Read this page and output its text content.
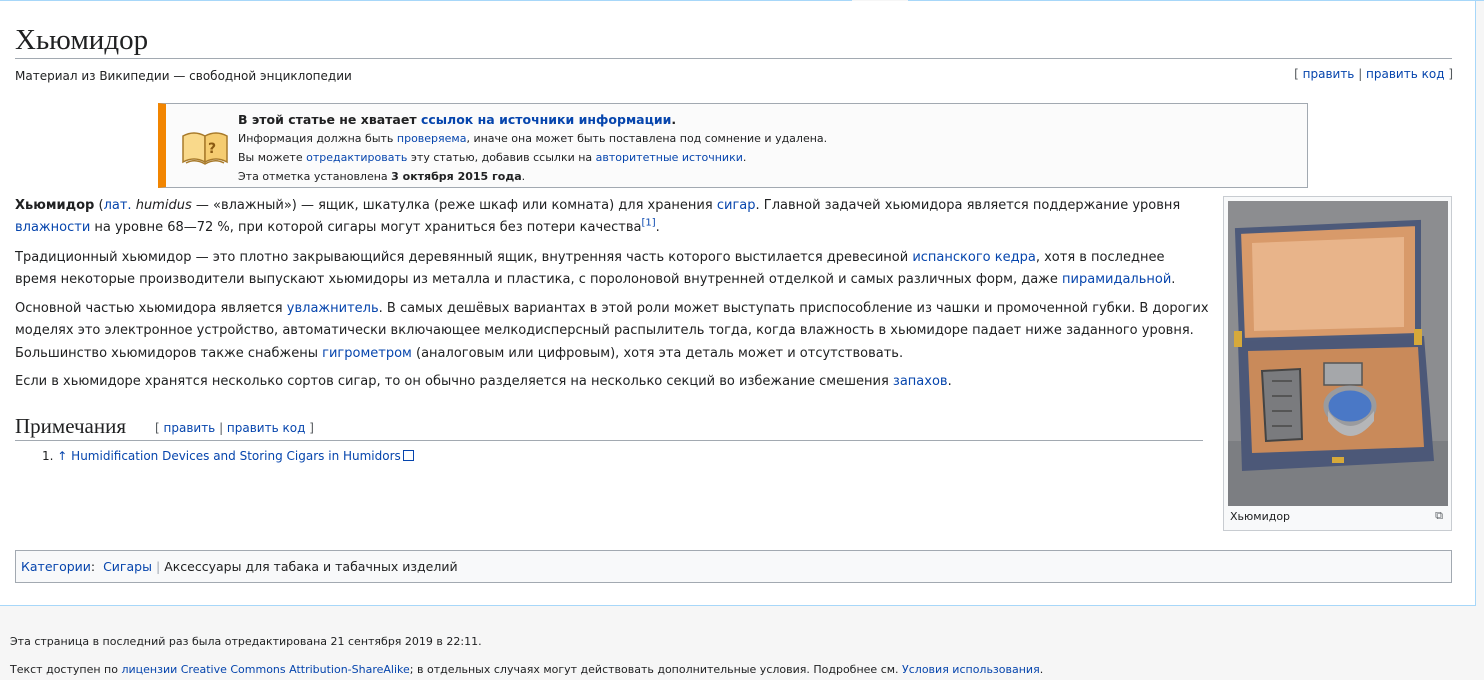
Хьюмидор
Материал из Википедии — свободной энциклопедии	[ править | править код ]
?
В этой статье не хватает ссылок на источники информации.
Информация должна быть проверяема, иначе она может быть поставлена под сомнение и удалена.
Вы можете отредактировать эту статью, добавив ссылки на авторитетные источники.
Эта отметка установлена 3 октября 2015 года.
Хьюмидор	⧉

Хьюмидор (лат. humidus — «влажный») — ящик, шкатулка (реже шкаф или комната) для хранения сигар. Главной задачей хьюмидора является поддержание уровня влажности на уровне 68—72 %, при которой сигары могут храниться без потери качества[1].

Традиционный хьюмидор — это плотно закрывающийся деревянный ящик, внутренняя часть которого выстилается древесиной испанского кедра, хотя в последнее время некоторые производители выпускают хьюмидоры из металла и пластика, с поролоновой внутренней отделкой и самых различных форм, даже пирамидальной.

Основной частью хьюмидора является увлажнитель. В самых дешёвых вариантах в этой роли может выступать приспособление из чашки и промоченной губки. В дорогих моделях это электронное устройство, автоматически включающее мелкодисперсный распылитель тогда, когда влажность в хьюмидоре падает ниже заданного уровня. Большинство хьюмидоров также снабжены гигрометром (аналоговым или цифровым), хотя эта деталь может и отсутствовать.

Если в хьюмидоре хранятся несколько сортов сигар, то он обычно разделяется на несколько секций во избежание смешения запахов.

Примечания [ править | править код ]
1. ↑ Humidification Devices and Storing Cigars in Humidors
Категории:  Сигары | Аксессуары для табака и табачных изделий
Эта страница в последний раз была отредактирована 21 сентября 2019 в 22:11.
Текст доступен по лицензии Creative Commons Attribution-ShareAlike; в отдельных случаях могут действовать дополнительные условия. Подробнее см. Условия использования.
